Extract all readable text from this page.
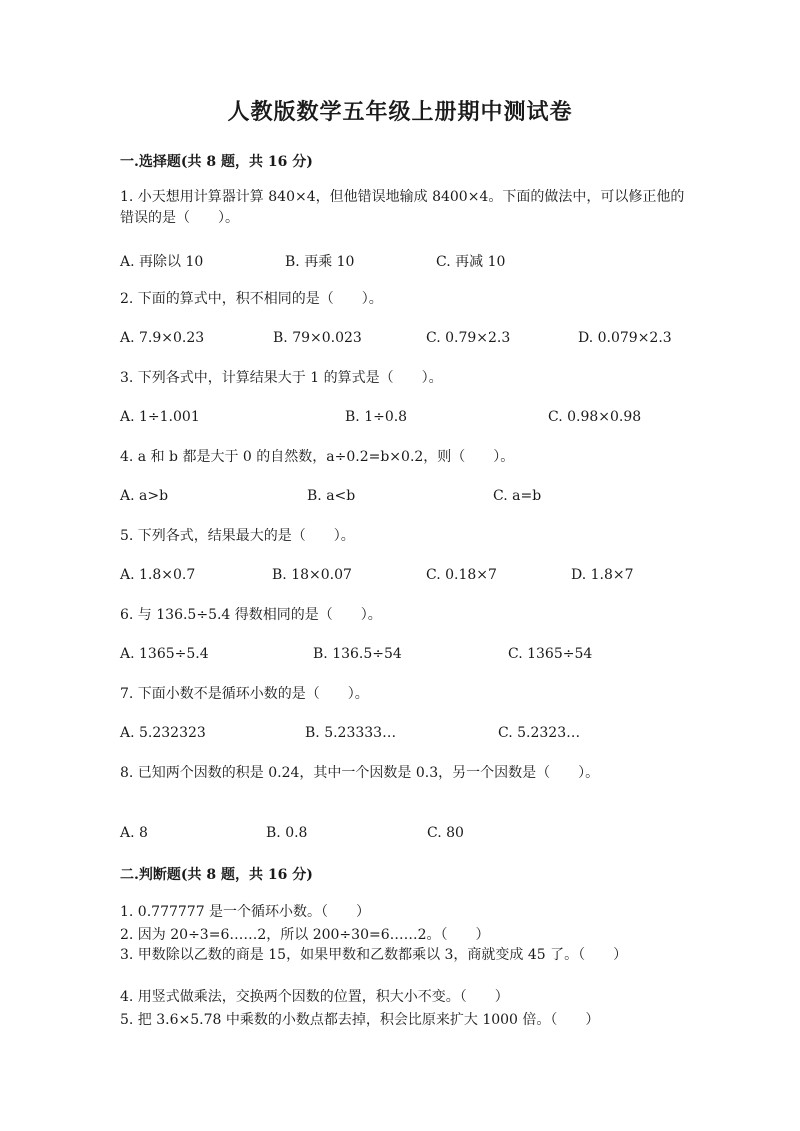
人教版数学五年级上册期中测试卷
一.选择题(共 8 题，共 16 分)
1. 小天想用计算器计算 840×4，但他错误地输成 8400×4。下面的做法中，可以修正他的错误的是（　　）。
A. 再除以 10	B. 再乘 10	C. 再减 10
2. 下面的算式中，积不相同的是（　　）。
A. 7.9×0.23	B. 79×0.023	C. 0.79×2.3	D. 0.079×2.3
3. 下列各式中，计算结果大于 1 的算式是（　　）。
A. 1÷1.001	B. 1÷0.8	C. 0.98×0.98
4. a 和 b 都是大于 0 的自然数，a÷0.2=b×0.2，则（　　）。
A. a>b	B. a<b	C. a=b
5. 下列各式，结果最大的是（　　）。
A. 1.8×0.7	B. 18×0.07	C. 0.18×7	D. 1.8×7
6. 与 136.5÷5.4 得数相同的是（　　）。
A. 1365÷5.4	B. 136.5÷54	C. 1365÷54
7. 下面小数不是循环小数的是（　　）。
A. 5.232323	B. 5.23333…	C. 5.2323…
8. 已知两个因数的积是 0.24，其中一个因数是 0.3，另一个因数是（　　）。
A. 8	B. 0.8	C. 80
二.判断题(共 8 题，共 16 分)
1. 0.777777 是一个循环小数。（　　）
2. 因为 20÷3=6……2，所以 200÷30=6……2。（　　）
3. 甲数除以乙数的商是 15，如果甲数和乙数都乘以 3，商就变成 45 了。（　　）
4. 用竖式做乘法，交换两个因数的位置，积大小不变。（　　）
5. 把 3.6×5.78 中乘数的小数点都去掉，积会比原来扩大 1000 倍。（　　）
